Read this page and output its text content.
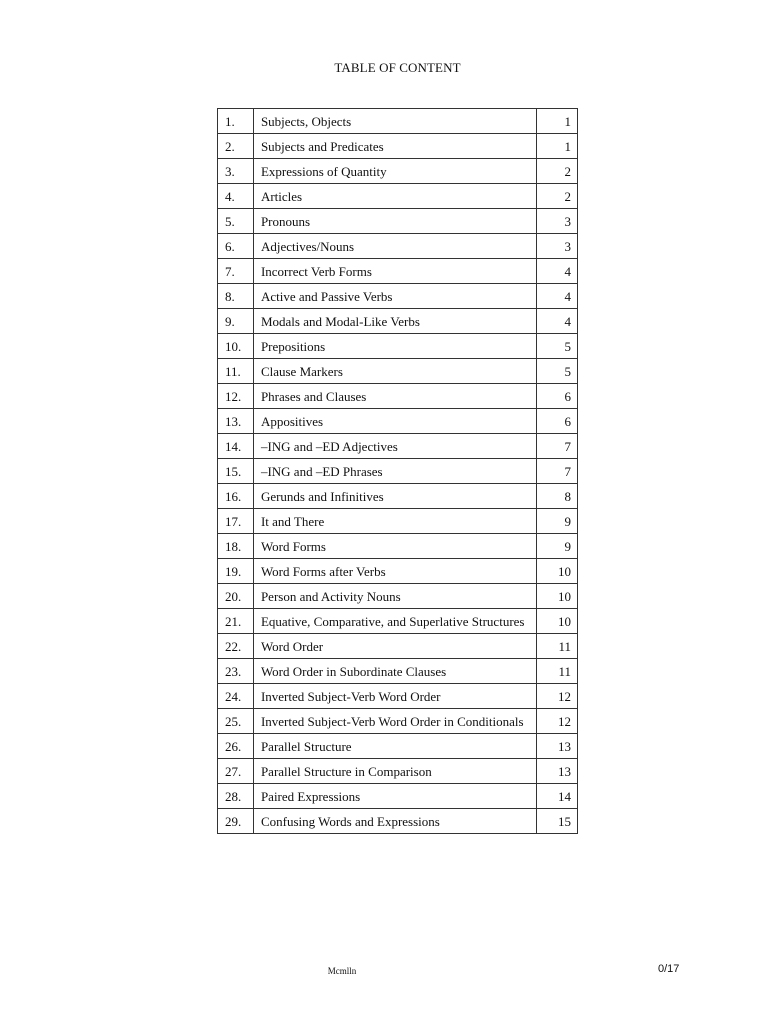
TABLE OF CONTENT
1.	Subjects, Objects	1
2.	Subjects and Predicates	1
3.	Expressions of Quantity	2
4.	Articles	2
5.	Pronouns	3
6.	Adjectives/Nouns	3
7.	Incorrect Verb Forms	4
8.	Active and Passive Verbs	4
9.	Modals and Modal-Like Verbs	4
10.	Prepositions	5
11.	Clause Markers	5
12.	Phrases and Clauses	6
13.	Appositives	6
14.	–ING and –ED Adjectives	7
15.	–ING and –ED Phrases	7
16.	Gerunds and Infinitives	8
17.	It and There	9
18.	Word Forms	9
19.	Word Forms after Verbs	10
20.	Person and Activity Nouns	10
21.	Equative, Comparative, and Superlative Structures	10
22.	Word Order	11
23.	Word Order in Subordinate Clauses	11
24.	Inverted Subject-Verb Word Order	12
25.	Inverted Subject-Verb Word Order in Conditionals	12
26.	Parallel Structure	13
27.	Parallel Structure in Comparison	13
28.	Paired Expressions	14
29.	Confusing Words and Expressions	15
Mcmlln	0/17
